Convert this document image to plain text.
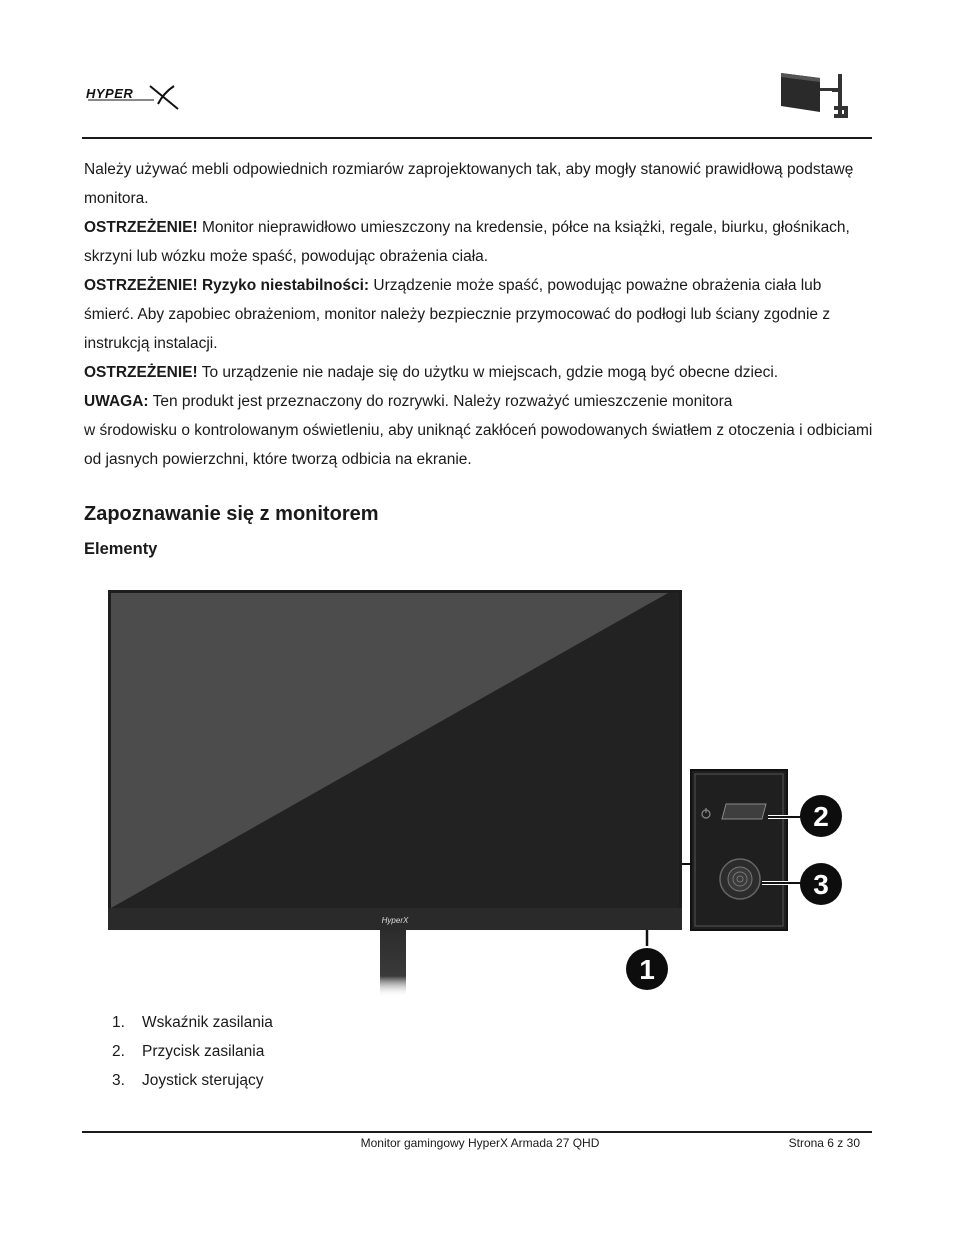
HYPER

Należy używać mebli odpowiednich rozmiarów zaprojektowanych tak, aby mogły stanowić prawidłową podstawę monitora.

OSTRZEŻENIE! Monitor nieprawidłowo umieszczony na kredensie, półce na książki, regale, biurku, głośnikach, skrzyni lub wózku może spaść, powodując obrażenia ciała.

OSTRZEŻENIE! Ryzyko niestabilności: Urządzenie może spaść, powodując poważne obrażenia ciała lub śmierć. Aby zapobiec obrażeniom, monitor należy bezpiecznie przymocować do podłogi lub ściany zgodnie z instrukcją instalacji.

OSTRZEŻENIE! To urządzenie nie nadaje się do użytku w miejscach, gdzie mogą być obecne dzieci.

UWAGA: Ten produkt jest przeznaczony do rozrywki. Należy rozważyć umieszczenie monitora
w środowisku o kontrolowanym oświetleniu, aby uniknąć zakłóceń powodowanych światłem z otoczenia i odbiciami od jasnych powierzchni, które tworzą odbicia na ekranie.

Zapoznawanie się z monitorem
Elementy
HyperX
1
2
3
1.	Wskaźnik zasilania
2.	Przycisk zasilania
3.	Joystick sterujący
Monitor gamingowy HyperX Armada 27 QHD	Strona 6 z 30
